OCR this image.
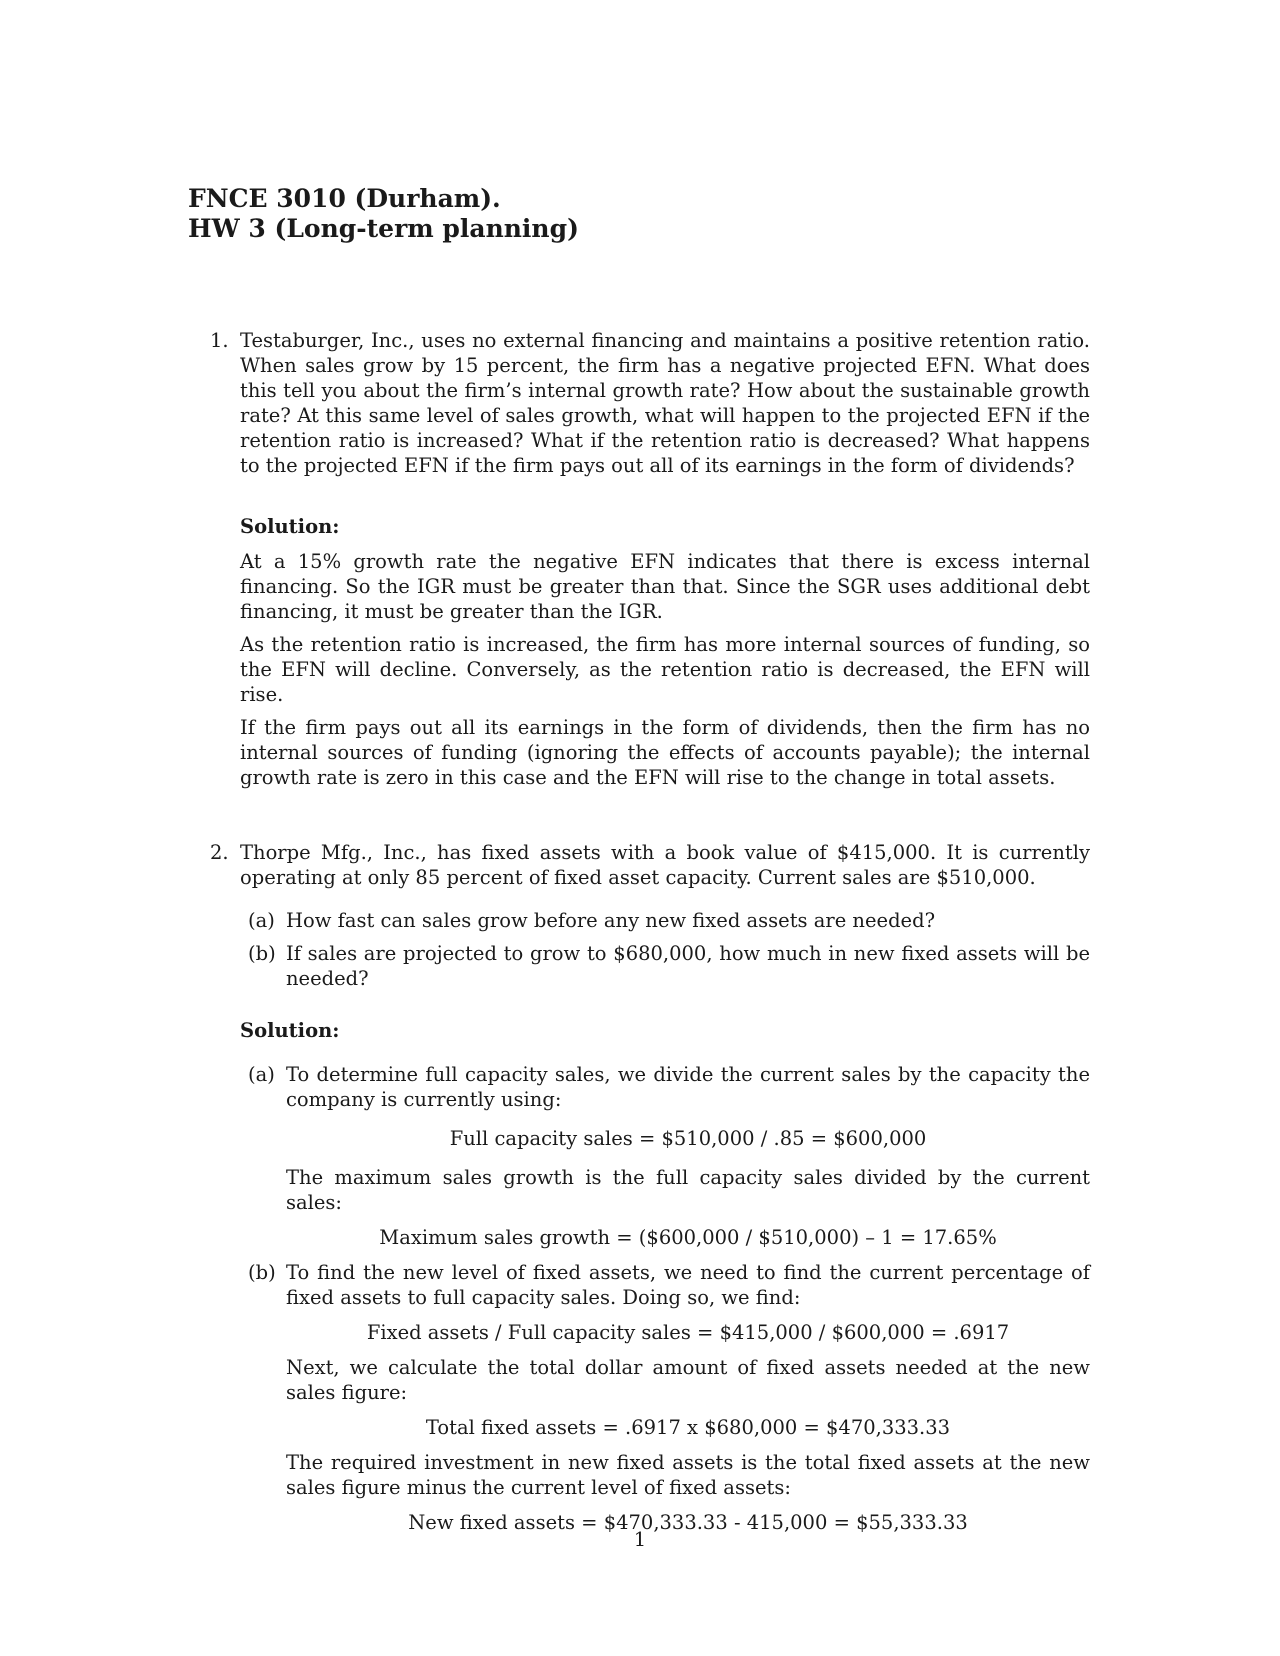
FNCE 3010 (Durham).
HW 3 (Long-term planning)
1. Testaburger, Inc., uses no external financing and maintains a positive retention ratio. When sales grow by 15 percent, the firm has a negative projected EFN. What does this tell you about the firm’s internal growth rate? How about the sustainable growth rate? At this same level of sales growth, what will happen to the projected EFN if the retention ratio is increased? What if the retention ratio is decreased? What happens to the projected EFN if the firm pays out all of its earnings in the form of dividends?

Solution:

At a 15% growth rate the negative EFN indicates that there is excess internal financing. So the IGR must be greater than that. Since the SGR uses additional debt financing, it must be greater than the IGR.

As the retention ratio is increased, the firm has more internal sources of funding, so the EFN will decline. Conversely, as the retention ratio is decreased, the EFN will rise.

If the firm pays out all its earnings in the form of dividends, then the firm has no internal sources of funding (ignoring the effects of accounts payable); the internal growth rate is zero in this case and the EFN will rise to the change in total assets.

2. Thorpe Mfg., Inc., has fixed assets with a book value of $415,000. It is currently operating at only 85 percent of fixed asset capacity. Current sales are $510,000.

(a) How fast can sales grow before any new fixed assets are needed?
(b) If sales are projected to grow to $680,000, how much in new fixed assets will be needed?
Solution:
(a) To determine full capacity sales, we divide the current sales by the capacity the company is currently using:

Full capacity sales = $510,000 / .85 = $600,000

The maximum sales growth is the full capacity sales divided by the current sales:

Maximum sales growth = ($600,000 / $510,000) – 1 = 17.65%
(b) To find the new level of fixed assets, we need to find the current percentage of fixed assets to full capacity sales. Doing so, we find:

Fixed assets / Full capacity sales = $415,000 / $600,000 = .6917

Next, we calculate the total dollar amount of fixed assets needed at the new sales figure:

Total fixed assets = .6917 x $680,000 = $470,333.33

The required investment in new fixed assets is the total fixed assets at the new sales figure minus the current level of fixed assets:

New fixed assets = $470,333.33 - 415,000 = $55,333.33
1
